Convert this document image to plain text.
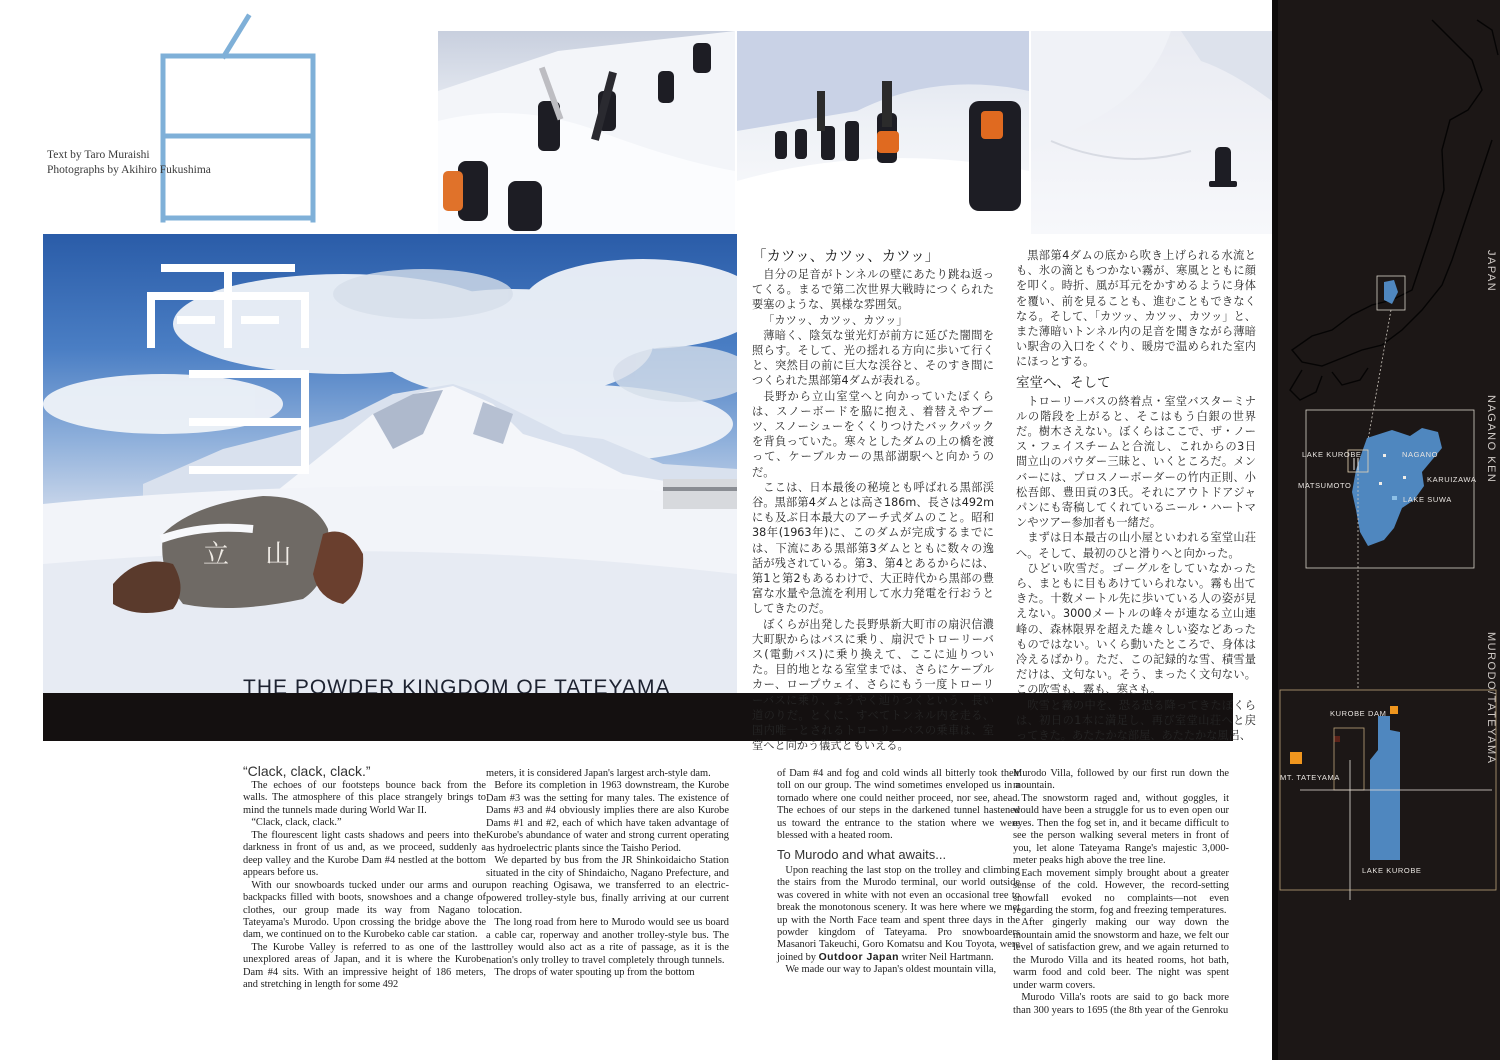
Text by Taro Muraishi
Photographs by Akihiro Fukushima
立 山
THE POWDER KINGDOM OF TATEYAMA
「カツッ、カツッ、カツッ」

自分の足音がトンネルの壁にあたり跳ね返ってくる。まるで第二次世界大戦時につくられた要塞のような、異様な雰囲気。

「カツッ、カツッ、カツッ」

薄暗く、陰気な蛍光灯が前方に延びた闇間を照らす。そして、光の揺れる方向に歩いて行くと、突然目の前に巨大な渓谷と、そのすき間につくられた黒部第4ダムが表れる。

長野から立山室堂へと向かっていたぼくらは、スノーボードを脇に抱え、着替えやブーツ、スノーシューをくくりつけたバックパックを背負っていた。寒々としたダムの上の橋を渡って、ケーブルカーの黒部湖駅へと向かうのだ。

ここは、日本最後の秘境とも呼ばれる黒部渓谷。黒部第4ダムとは高さ186m、長さは492mにも及ぶ日本最大のアーチ式ダムのこと。昭和38年(1963年)に、このダムが完成するまでには、下流にある黒部第3ダムとともに数々の逸話が残されている。第3、第4とあるからには、第1と第2もあるわけで、大正時代から黒部の豊富な水量や急流を利用して水力発電を行おうとしてきたのだ。

ぼくらが出発した長野県新大町市の扇沢信濃大町駅からはバスに乗り、扇沢でトローリーバス(電動バス)に乗り換えて、ここに辿りついた。目的地となる室堂までは、さらにケーブルカー、ロープウェイ、さらにもう一度トローリーバスに乗り、ようやく辿りつくという、長い道のりだ。とくに、すべてトンネル内を走る、国内唯一とされるトローリーバスの乗車は、室堂へと向かう儀式ともいえる。

黒部第4ダムの底から吹き上げられる水流とも、氷の滴ともつかない霧が、寒風とともに顔を叩く。時折、風が耳元をかすめるように身体を覆い、前を見ることも、進むこともできなくなる。そして、「カツッ、カツッ、カツッ」と、また薄暗いトンネル内の足音を聞きながら薄暗い駅舎の入口をくぐり、暖房で温められた室内にほっとする。

室堂へ、そして

トローリーバスの終着点・室堂バスターミナルの階段を上がると、そこはもう白銀の世界だ。樹木さえない。ぼくらはここで、ザ・ノース・フェイスチームと合流し、これからの3日間立山のパウダー三昧と、いくところだ。メンバーには、プロスノーボーダーの竹内正則、小松吾郎、豊田貢の3氏。それにアウトドアジャパンにも寄稿してくれているニール・ハートマンやツアー参加者も一緒だ。

まずは日本最古の山小屋といわれる室堂山荘へ。そして、最初のひと滑りへと向かった。

ひどい吹雪だ。ゴーグルをしていなかったら、まともに目もあけていられない。霧も出てきた。十数メートル先に歩いている人の姿が見えない。3000メートルの峰々が連なる立山連峰の、森林限界を超えた雄々しい姿などあったものではない。いくら動いたところで、身体は冷えるばかり。ただ、この記録的な雪、積雪量だけは、文句ない。そう、まったく文句ない。この吹雪も、霧も、寒さも。

吹雪と霧の中を、恐る恐る降ってきたぼくらは、初日の1本に満足し、再び室堂山荘へと戻ってきた。あたたかな部屋、あたたかな風呂、

“Clack, clack, clack.”

The echoes of our footsteps bounce back from the walls. The atmosphere of this place strangely brings to mind the tunnels made during World War II.

“Clack, clack, clack.”

The flourescent light casts shadows and peers into the darkness in front of us and, as we proceed, suddenly a deep valley and the Kurobe Dam #4 nestled at the bottom appears before us.

With our snowboards tucked under our arms and our backpacks filled with boots, snowshoes and a change of clothes, our group made its way from Nagano to Tateyama's Murodo. Upon crossing the bridge above the dam, we continued on to the Kurobeko cable car station.

The Kurobe Valley is referred to as one of the last unexplored areas of Japan, and it is where the Kurobe Dam #4 sits. With an impressive height of 186 meters, and stretching in length for some 492

meters, it is considered Japan's largest arch-style dam.

Before its completion in 1963 downstream, the Kurobe Dam #3 was the setting for many tales. The existence of Dams #3 and #4 obviously implies there are also Kurobe Dams #1 and #2, each of which have taken advantage of Kurobe's abundance of water and strong current operating as hydroelectric plants since the Taisho Period.

We departed by bus from the JR Shinkoidaicho Station situated in the city of Shindaicho, Nagano Prefecture, and upon reaching Ogisawa, we transferred to an electric-powered trolley-style bus, finally arriving at our current location.

The long road from here to Murodo would see us board a cable car, roperway and another trolley-style bus. The trolley would also act as a rite of passage, as it is the nation's only trolley to travel completely through tunnels.

The drops of water spouting up from the bottom

of Dam #4 and fog and cold winds all bitterly took their toll on our group. The wind sometimes enveloped us in a tornado where one could neither proceed, nor see, ahead. The echoes of our steps in the darkened tunnel hastened us toward the entrance to the station where we were blessed with a heated room.
To Murodo and what awaits...

Upon reaching the last stop on the trolley and climbing the stairs from the Murodo terminal, our world outside was covered in white with not even an occasional tree to break the monotonous scenery. It was here where we met up with the North Face team and spent three days in the powder kingdom of Tateyama. Pro snowboarders Masanori Takeuchi, Goro Komatsu and Kou Toyota, were joined by Outdoor Japan writer Neil Hartmann.

We made our way to Japan's oldest mountain villa,

Murodo Villa, followed by our first run down the mountain.

The snowstorm raged and, without goggles, it would have been a struggle for us to even open our eyes. Then the fog set in, and it became difficult to see the person walking several meters in front of you, let alone Tateyama Range's majestic 3,000-meter peaks high above the tree line.

Each movement simply brought about a greater sense of the cold. However, the record-setting snowfall evoked no complaints—not even regarding the storm, fog and freezing temperatures.

After gingerly making our way down the mountain amid the snowstorm and haze, we felt our level of satisfaction grew, and we again returned to the Murodo Villa and its heated rooms, hot bath, warm food and cold beer. The night was spent under warm covers.

Murodo Villa's roots are said to go back more than 300 years to 1695 (the 8th year of the Genroku

LAKE KUROBE	NAGANO
KARUIZAWA
MATSUMOTO
LAKE SUWA
KUROBE DAM
MT. TATEYAMA
LAKE KUROBE
JAPAN
NAGANO KEN
MURODO/TATEYAMA
